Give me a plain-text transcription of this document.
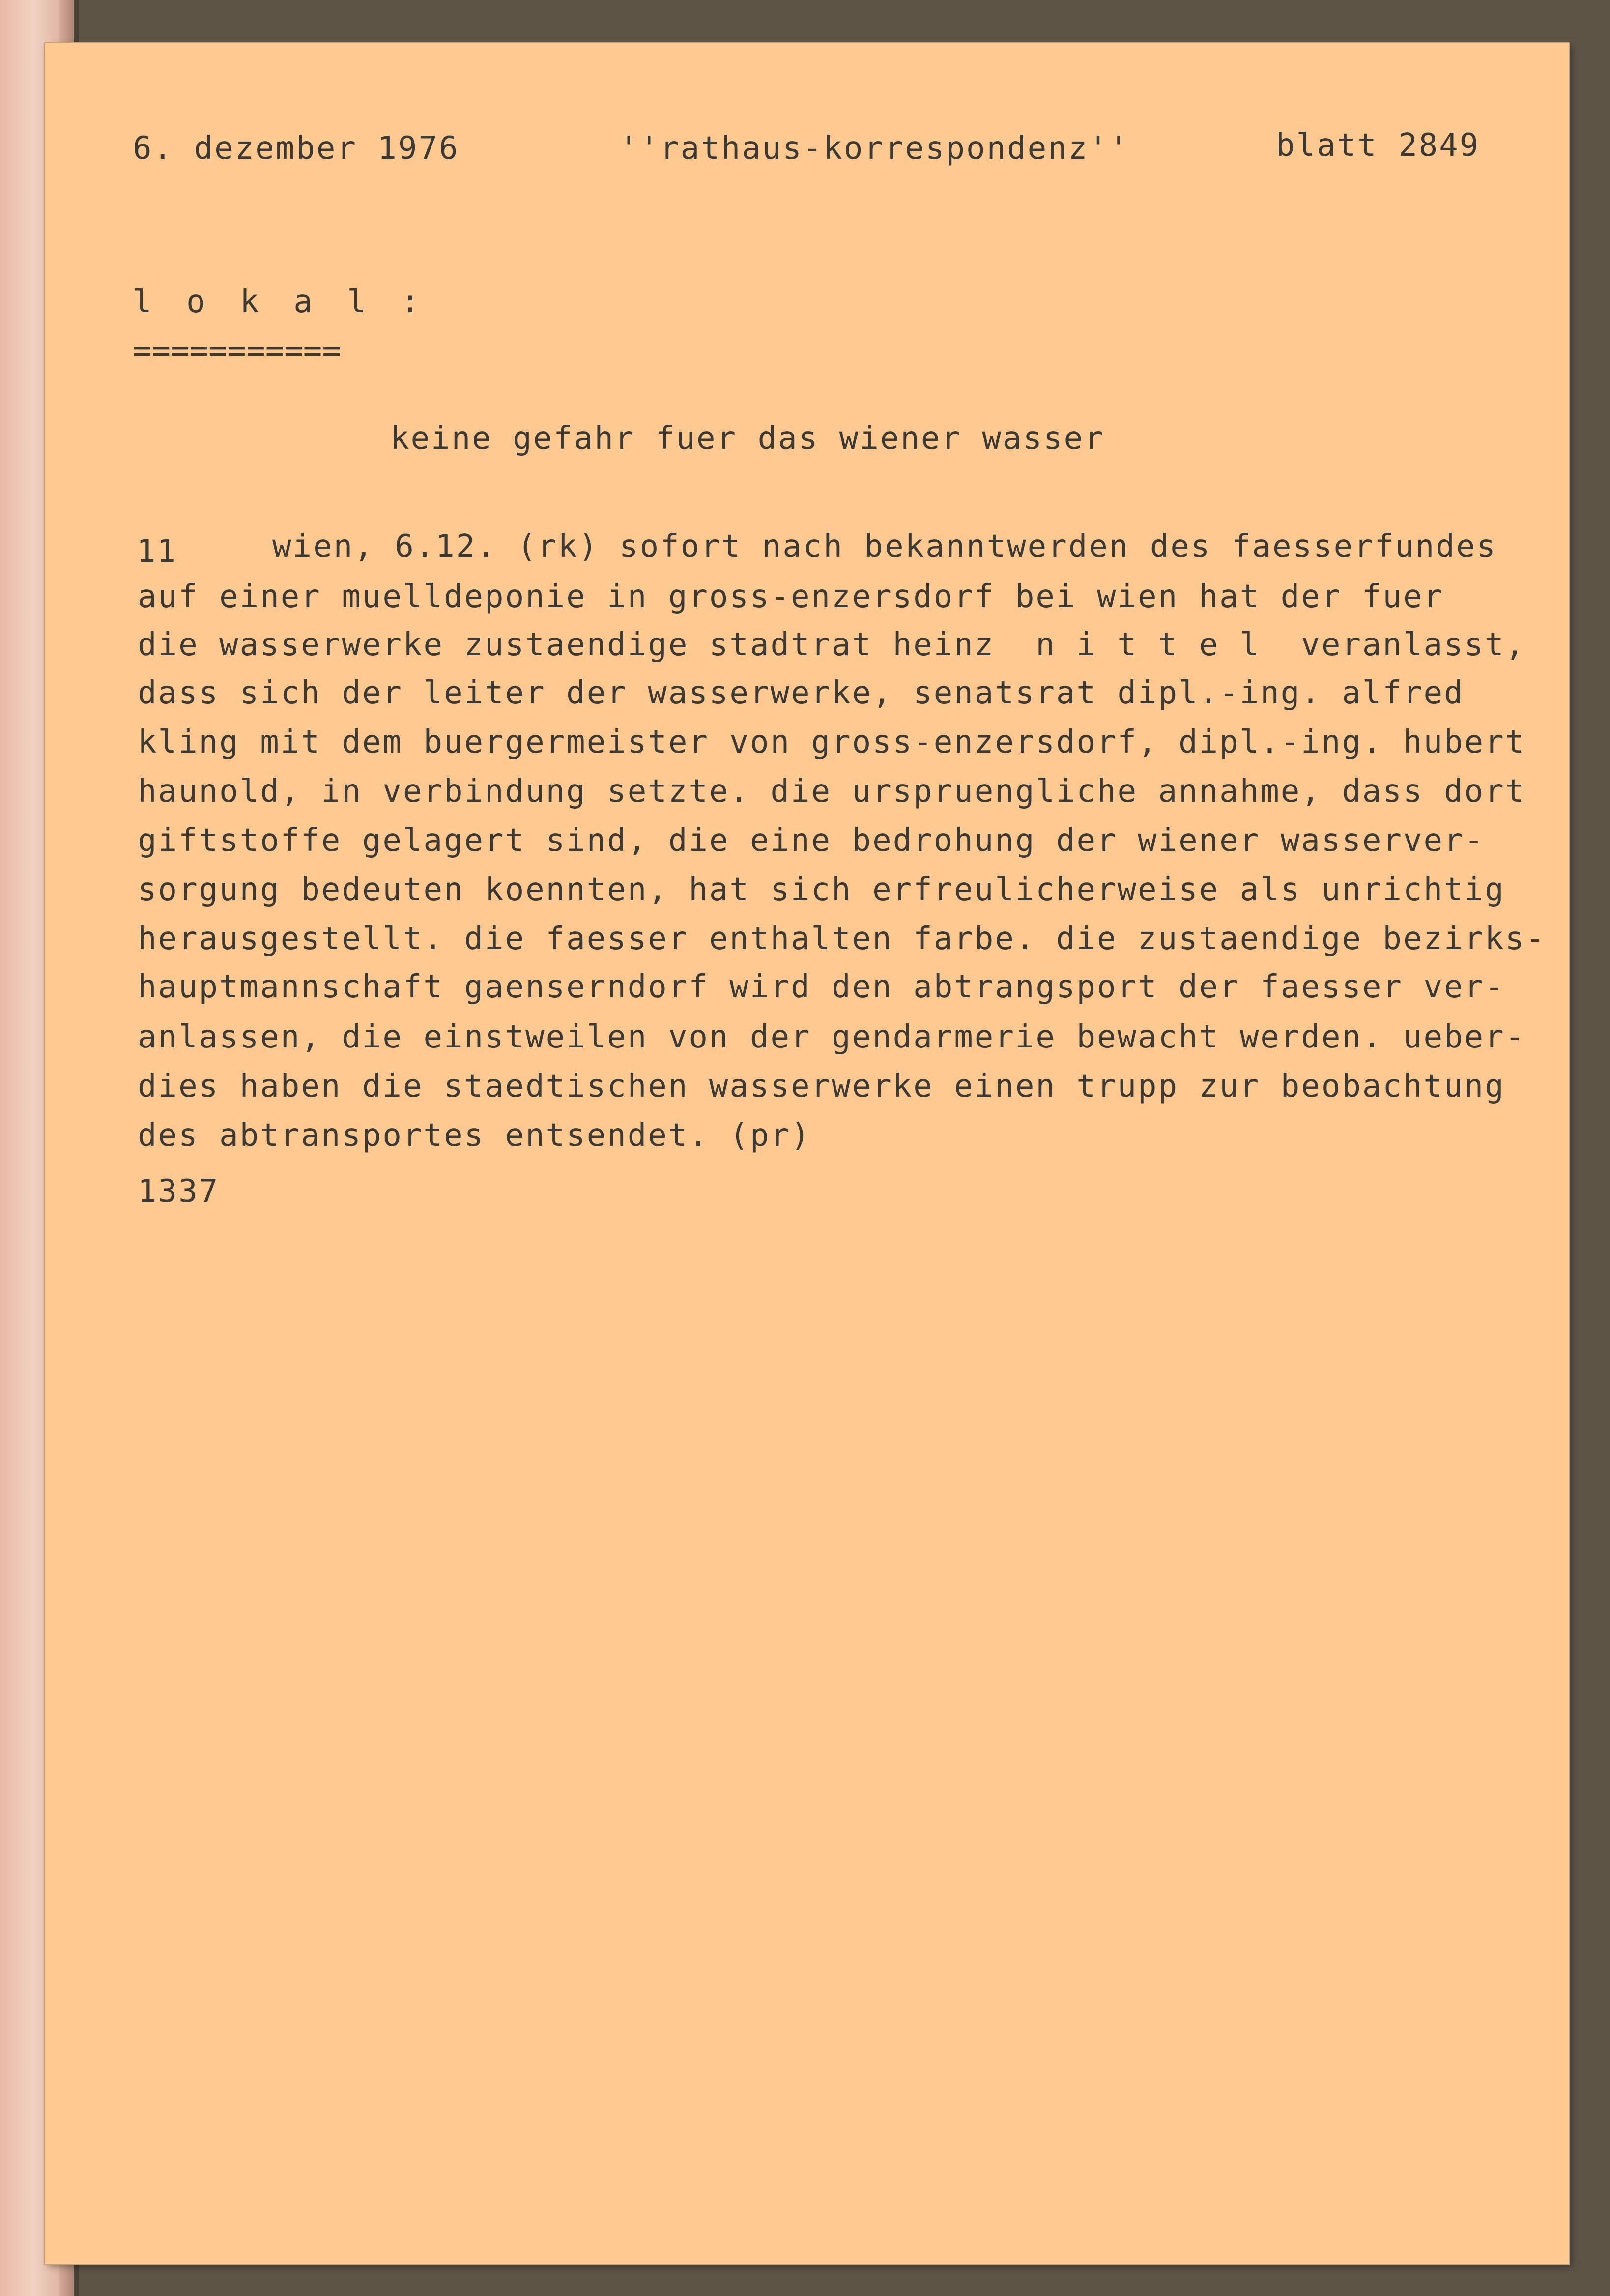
6. dezember 1976	''rathaus-korrespondenz''	blatt 2849
l o k a l :
===========
keine gefahr fuer das wiener wasser
11	wien, 6.12. (rk) sofort nach bekanntwerden des faesserfundes
auf einer muelldeponie in gross-enzersdorf bei wien hat der fuer
die wasserwerke zustaendige stadtrat heinz  n i t t e l  veranlasst,
dass sich der leiter der wasserwerke, senatsrat dipl.-ing. alfred
kling mit dem buergermeister von gross-enzersdorf, dipl.-ing. hubert
haunold, in verbindung setzte. die urspruengliche annahme, dass dort
giftstoffe gelagert sind, die eine bedrohung der wiener wasserver-
sorgung bedeuten koennten, hat sich erfreulicherweise als unrichtig
herausgestellt. die faesser enthalten farbe. die zustaendige bezirks-
hauptmannschaft gaenserndorf wird den abtrangsport der faesser ver-
anlassen, die einstweilen von der gendarmerie bewacht werden. ueber-
dies haben die staedtischen wasserwerke einen trupp zur beobachtung
des abtransportes entsendet. (pr)
1337
